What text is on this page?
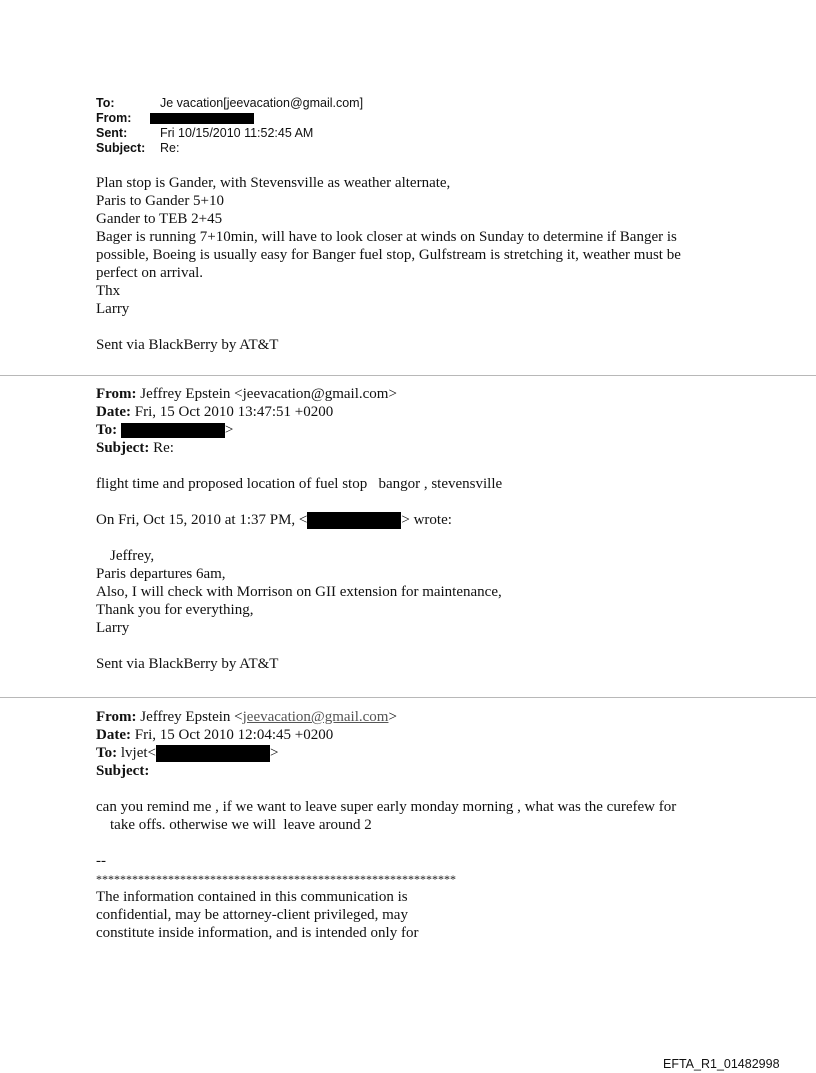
To:	Je vacation[jeevacation@gmail.com]
From:
Sent:	Fri 10/15/2010 11:52:45 AM
Subject:	Re:
Plan stop is Gander, with Stevensville as weather alternate,
Paris to Gander 5+10
Gander to TEB 2+45
Bager is running 7+10min, will have to look closer at winds on Sunday to determine if Banger is
possible, Boeing is usually easy for Banger fuel stop, Gulfstream is stretching it, weather must be
perfect on arrival.
Thx
Larry
Sent via BlackBerry by AT&T
From: Jeffrey Epstein <jeevacation@gmail.com>
Date: Fri, 15 Oct 2010 13:47:51 +0200
To:	>
Subject: Re:
flight time and proposed location of fuel stop   bangor , stevensville
On Fri, Oct 15, 2010 at 1:37 PM, <	> wrote:
Jeffrey,
Paris departures 6am,
Also, I will check with Morrison on GII extension for maintenance,
Thank you for everything,
Larry
Sent via BlackBerry by AT&T
From: Jeffrey Epstein <jeevacation@gmail.com>
Date: Fri, 15 Oct 2010 12:04:45 +0200
To: lvjet<	>
Subject:
can you remind me , if we want to leave super early monday morning , what was the curefew for
take offs. otherwise we will  leave around 2
--
************************************************************
The information contained in this communication is
confidential, may be attorney-client privileged, may
constitute inside information, and is intended only for
EFTA_R1_01482998
